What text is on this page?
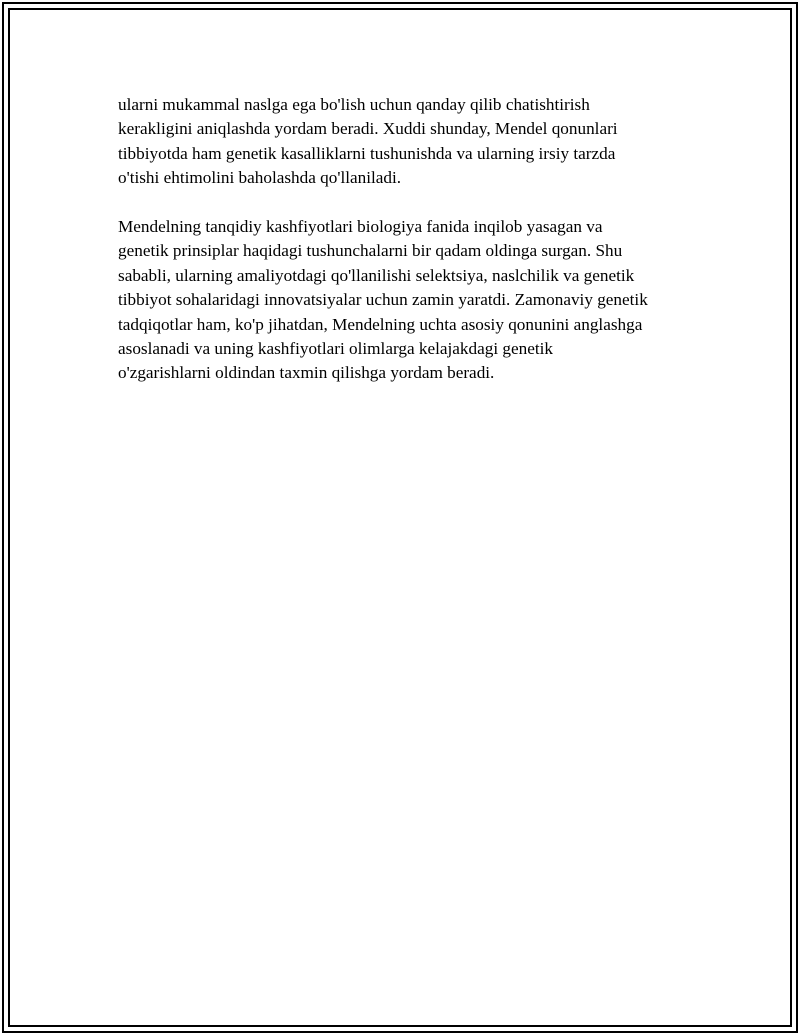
ularni mukammal naslga ega bo'lish uchun qanday qilib chatishtirish
kerakligini aniqlashda yordam beradi. Xuddi shunday, Mendel qonunlari
tibbiyotda ham genetik kasalliklarni tushunishda va ularning irsiy tarzda
o'tishi ehtimolini baholashda qo'llaniladi.

Mendelning tanqidiy kashfiyotlari biologiya fanida inqilob yasagan va
genetik prinsiplar haqidagi tushunchalarni bir qadam oldinga surgan. Shu
sababli, ularning amaliyotdagi qo'llanilishi selektsiya, naslchilik va genetik
tibbiyot sohalaridagi innovatsiyalar uchun zamin yaratdi. Zamonaviy genetik
tadqiqotlar ham, ko'p jihatdan, Mendelning uchta asosiy qonunini anglashga
asoslanadi va uning kashfiyotlari olimlarga kelajakdagi genetik
o'zgarishlarni oldindan taxmin qilishga yordam beradi.
